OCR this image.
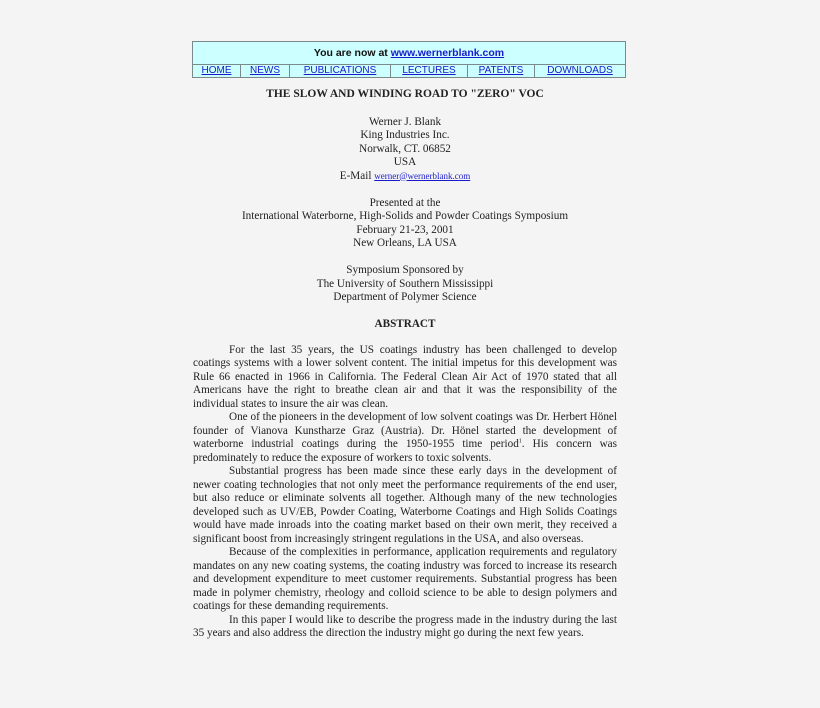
You are now at www.wernerblank.com
HOME	NEWS	PUBLICATIONS	LECTURES	PATENTS	DOWNLOADS

THE SLOW AND WINDING ROAD TO "ZERO" VOC

Werner J. Blank

King Industries Inc.

Norwalk, CT. 06852

USA

E-Mail werner@wernerblank.com

Presented at the

International Waterborne, High-Solids and Powder Coatings Symposium

February 21-23, 2001

New Orleans, LA USA

Symposium Sponsored by

The University of Southern Mississippi

Department of Polymer Science

ABSTRACT

For the last 35 years, the US coatings industry has been challenged to develop coatings systems with a lower solvent content. The initial impetus for this development was Rule 66 enacted in 1966 in California. The Federal Clean Air Act of 1970 stated that all Americans have the right to breathe clean air and that it was the responsibility of the individual states to insure the air was clean.

One of the pioneers in the development of low solvent coatings was Dr. Herbert Hönel founder of Vianova Kunstharze Graz (Austria). Dr. Hönel started the development of waterborne industrial coatings during the 1950-1955 time period$^1$. His concern was predominately to reduce the exposure of workers to toxic solvents.

Substantial progress has been made since these early days in the development of newer coating technologies that not only meet the performance requirements of the end user, but also reduce or eliminate solvents all together. Although many of the new technologies developed such as UV/EB, Powder Coating, Waterborne Coatings and High Solids Coatings would have made inroads into the coating market based on their own merit, they received a significant boost from increasingly stringent regulations in the USA, and also overseas.

Because of the complexities in performance, application requirements and regulatory mandates on any new coating systems, the coating industry was forced to increase its research and development expenditure to meet customer requirements. Substantial progress has been made in polymer chemistry, rheology and colloid science to be able to design polymers and coatings for these demanding requirements.

In this paper I would like to describe the progress made in the industry during the last 35 years and also address the direction the industry might go during the next few years.
